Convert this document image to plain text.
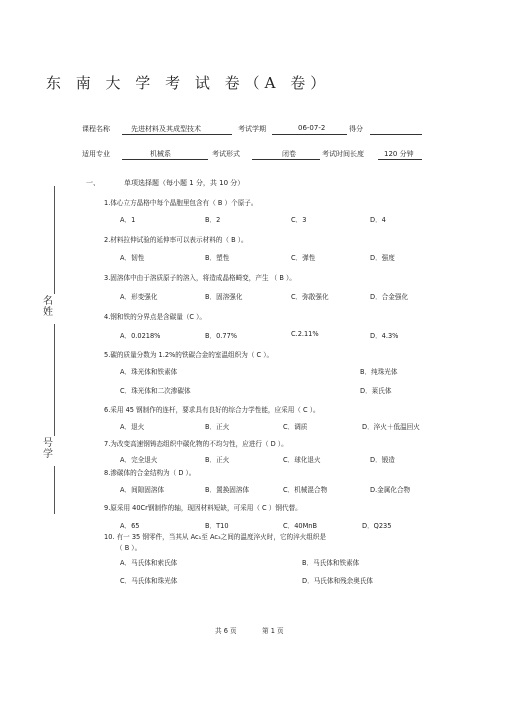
东 南 大 学 考 试 卷（A 卷）
课程名称	先进材料及其成型技术	考试学期	06-07-2	得分
适用专业	机械系	考试形式	闭卷	考试时间长度	120 分钟
名
姓
号
学
一、	单项选择题（每小题 1 分，共 10 分）
1.体心立方晶格中每个晶胞里包含有（ B ）个原子。
A．1	B．2	C．3	D．4
2.材料拉伸试验的延伸率可以表示材料的（ B ）。
A．韧性	B．塑性	C．弹性	D．强度
3.固溶体中由于溶质原子的溶入，将造成晶格畸变，产生 （ B ）。
A．形变强化	B．固溶强化	C．弥散强化	D．合金强化
4.钢和铁的分界点是含碳量（C ）。
A．0.0218%	B．0.77%	C.2.11%	D．4.3%
5.碳的质量分数为 1.2%的铁碳合金的室温组织为（ C ）。
A．珠光体和铁素体	B．纯珠光体
C．珠光体和二次渗碳体	D．莱氏体
6.采用 45 钢制作的连杆，要求具有良好的综合力学性能，应采用（ C ）。
A．退火	B．正火	C．调质	D．淬火＋低温回火
7.为改变高速钢铸态组织中碳化物的不均匀性，应进行（ D ）。
A．完全退火	B．正火	C．球化退火	D．锻造
8.渗碳体的合金结构为（ D ）。
A．间隙固溶体	B．置换固溶体	C．机械混合物	D.金属化合物
9.原采用 40Cr钢制作的轴，现因材料短缺，可采用（ C ）钢代替。
A．65	B．T10	C．40MnB	D．Q235
10. 有一 35 钢零件，当其从 Ac₁至 Ac₃之间的温度淬火时，它的淬火组织是
（ B ）。
A．马氏体和索氏体	B．马氏体和铁素体
C．马氏体和珠光体	D．马氏体和残余奥氏体
共 6 页	第 1 页
